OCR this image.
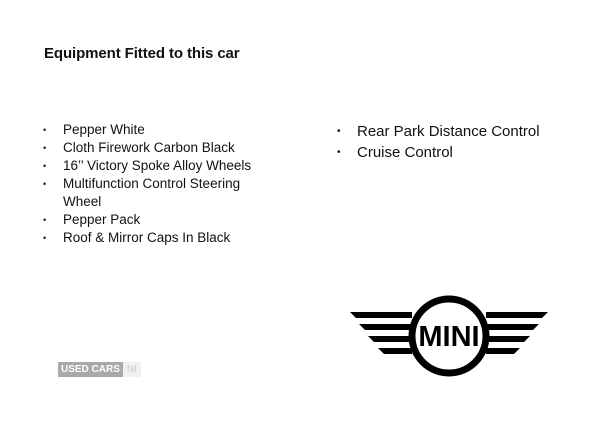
Equipment Fitted to this car
• Pepper White
• Cloth Firework Carbon Black
• 16’’ Victory Spoke Alloy Wheels
• Multifunction Control Steering Wheel
• Pepper Pack
• Roof & Mirror Caps In Black
• Rear Park Distance Control
• Cruise Control
USED CARS NI
MINI
